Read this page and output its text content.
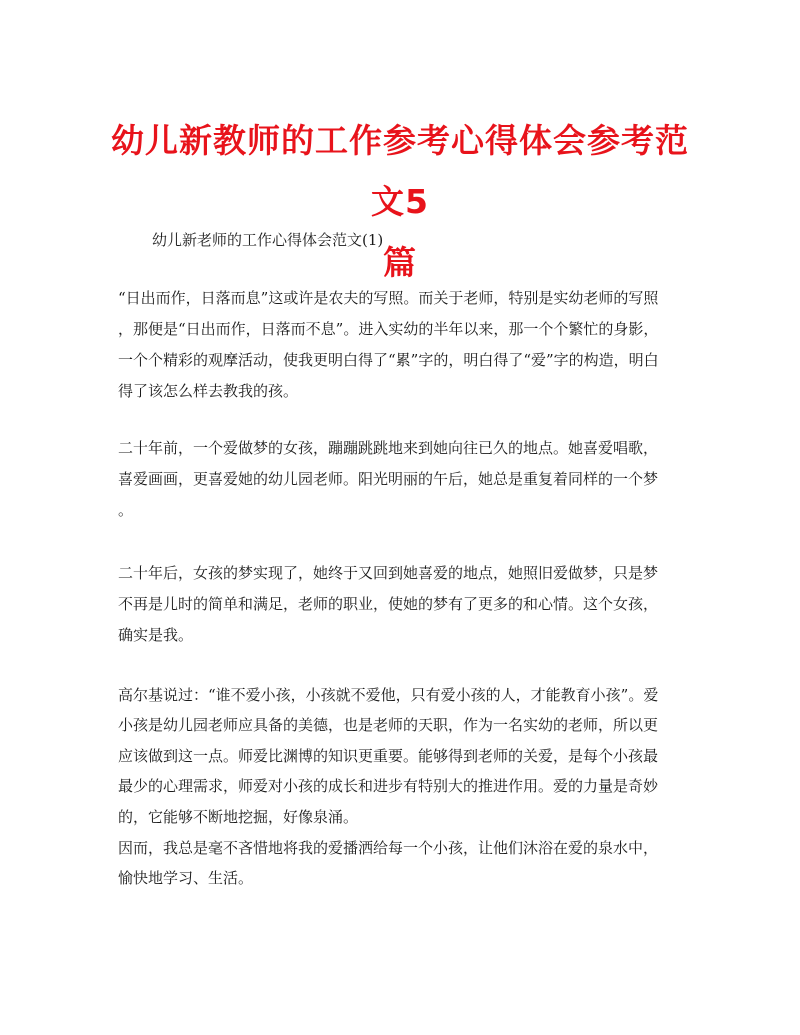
幼儿新教师的工作参考心得体会参考范文5
篇
幼儿新老师的工作心得体会范文(1)
“日出而作，日落而息”这或许是农夫的写照。而关于老师，特别是实幼老师的写照
，那便是“日出而作，日落而不息”。进入实幼的半年以来，那一个个繁忙的身影，
一个个精彩的观摩活动，使我更明白得了“累”字的，明白得了“爱”字的构造，明白
得了该怎么样去教我的孩。
二十年前，一个爱做梦的女孩，蹦蹦跳跳地来到她向往已久的地点。她喜爱唱歌，
喜爱画画，更喜爱她的幼儿园老师。阳光明丽的午后，她总是重复着同样的一个梦
。
二十年后，女孩的梦实现了，她终于又回到她喜爱的地点，她照旧爱做梦，只是梦
不再是儿时的简单和满足，老师的职业，使她的梦有了更多的和心情。这个女孩，
确实是我。
高尔基说过：“谁不爱小孩，小孩就不爱他，只有爱小孩的人，才能教育小孩”。爱
小孩是幼儿园老师应具备的美德，也是老师的天职，作为一名实幼的老师，所以更
应该做到这一点。师爱比渊博的知识更重要。能够得到老师的关爱，是每个小孩最
最少的心理需求，师爱对小孩的成长和进步有特别大的推进作用。爱的力量是奇妙
的，它能够不断地挖掘，好像泉涌。
因而，我总是毫不吝惜地将我的爱播洒给每一个小孩，让他们沐浴在爱的泉水中，
愉快地学习、生活。
